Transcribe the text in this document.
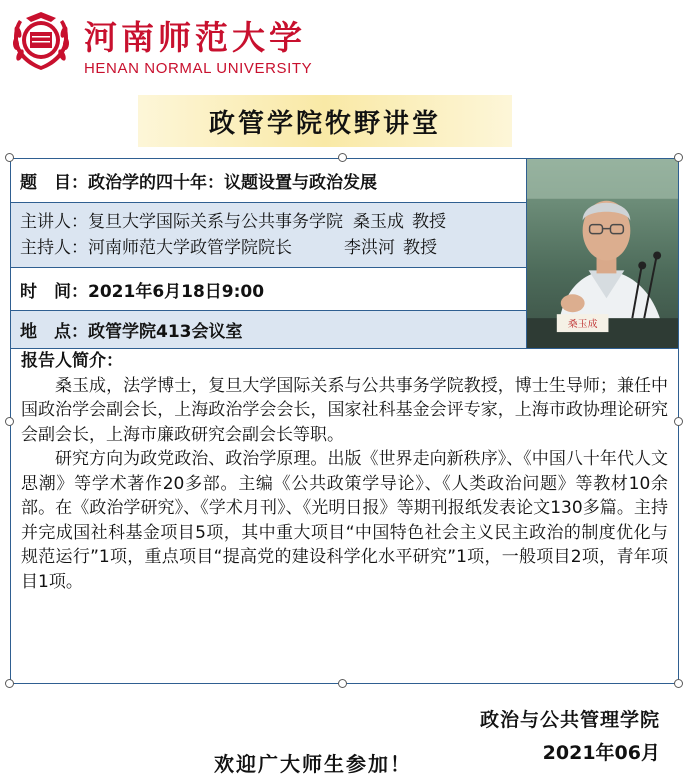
河南师范大学
HENAN NORMAL UNIVERSITY
政管学院牧野讲堂
题　目： 政治学的四十年：议题设置与政治发展
主讲人：复旦大学国际关系与公共事务学院 桑玉成 教授
主持人：河南师范大学政管学院院长	李洪河 教授
时　间： 2021年6月18日9:00
地　点： 政管学院413会议室	桑玉成
报告人简介：

桑玉成，法学博士，复旦大学国际关系与公共事务学院教授，博士生导师；兼任中国政治学会副会长，上海政治学会会长，国家社科基金会评专家，上海市政协理论研究会副会长，上海市廉政研究会副会长等职。

研究方向为政党政治、政治学原理。出版《世界走向新秩序》、《中国八十年代人文思潮》等学术著作20多部。主编《公共政策学导论》、《人类政治问题》等教材10余部。在《政治学研究》、《学术月刊》、《光明日报》等期刊报纸发表论文130多篇。主持并完成国社科基金项目5项，其中重大项目“中国特色社会主义民主政治的制度优化与规范运行”1项，重点项目“提高党的建设科学化水平研究”1项，一般项目2项，青年项目1项。

政治与公共管理学院
欢迎广大师生参加！	2021年06月
